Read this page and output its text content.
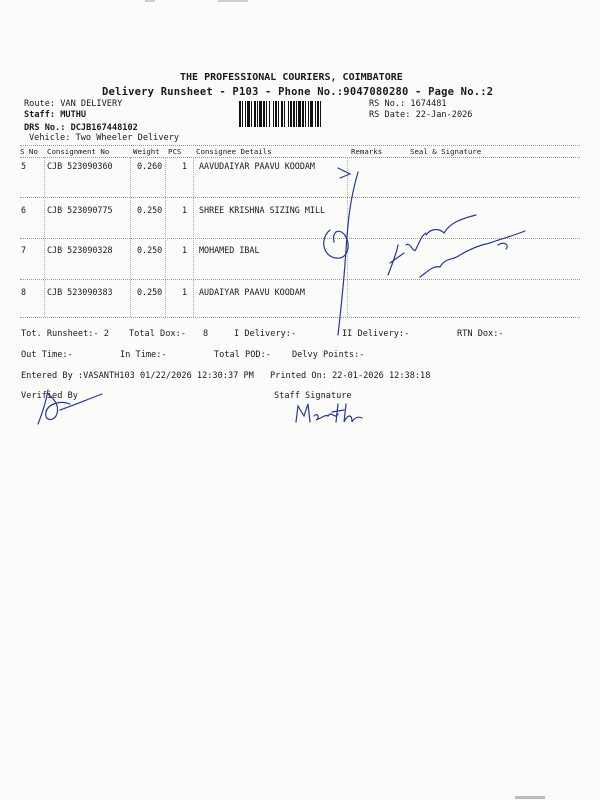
THE PROFESSIONAL COURIERS, COIMBATORE
Delivery Runsheet - P103 - Phone No.:9047080280 - Page No.:2
Route: VAN DELIVERY
Staff: MUTHU
DRS No.: DCJB167448102
Vehicle: Two Wheeler Delivery
RS No.: 1674481
RS Date: 22-Jan-2026
S No Consignment No	Weight PCS Consignee Details	Remarks	Seal & Signature
5 CJB 523090360	0.260 1 AAVUDAIYAR PAAVU KOODAM
6 CJB 523090775	0.250 1 SHREE KRISHNA SIZING MILL
7 CJB 523090328	0.250 1 MOHAMED IBAL
8 CJB 523090383	0.250 1 AUDAIYAR PAAVU KOODAM
Tot. Runsheet:- 2 Total Dox:- 8	I Delivery:-	II Delivery:-	RTN Dox:-
Out Time:-	In Time:-	Total POD:- Delvy Points:-
Entered By :VASANTH103 01/22/2026 12:30:37 PM Printed On: 22-01-2026 12:38:18
Verified By	Staff Signature
